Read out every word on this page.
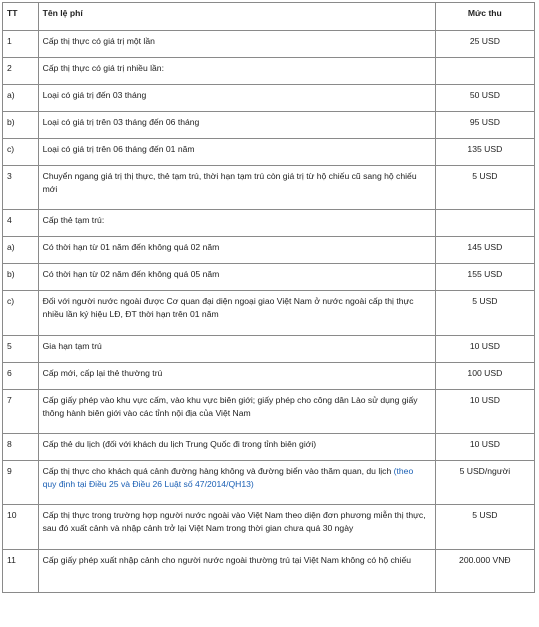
TT	Tên lệ phí	Mức thu
1	Cấp thị thực có giá trị một lần	25 USD
2	Cấp thị thực có giá trị nhiều lần:	
a)	Loại có giá trị đến 03 tháng	50 USD
b)	Loại có giá trị trên 03 tháng đến 06 tháng	95 USD
c)	Loại có giá trị trên 06 tháng đến 01 năm	135 USD
3	Chuyển ngang giá trị thị thực, thẻ tạm trú, thời hạn tạm trú còn giá trị từ hộ chiếu cũ sang hộ chiếu mới	5 USD
4	Cấp thẻ tạm trú:	
a)	Có thời hạn từ 01 năm đến không quá 02 năm	145 USD
b)	Có thời hạn từ 02 năm đến không quá 05 năm	155 USD
c)	Đối với người nước ngoài được Cơ quan đại diện ngoại giao Việt Nam ở nước ngoài cấp thị thực nhiều lần ký hiệu LĐ, ĐT thời hạn trên 01 năm	5 USD
5	Gia hạn tạm trú	10 USD
6	Cấp mới, cấp lại thẻ thường trú	100 USD
7	Cấp giấy phép vào khu vực cấm, vào khu vực biên giới; giấy phép cho công dân Lào sử dụng giấy thông hành biên giới vào các tỉnh nội địa của Việt Nam	10 USD
8	Cấp thẻ du lịch (đối với khách du lịch Trung Quốc đi trong tỉnh biên giới)	10 USD
9	Cấp thị thực cho khách quá cảnh đường hàng không và đường biển vào thăm quan, du lịch (theo quy định tại Điều 25 và Điều 26 Luật số 47/2014/QH13)	5 USD/người
10	Cấp thị thực trong trường hợp người nước ngoài vào Việt Nam theo diện đơn phương miễn thị thực, sau đó xuất cảnh và nhập cảnh trở lại Việt Nam trong thời gian chưa quá 30 ngày	5 USD
11	Cấp giấy phép xuất nhập cảnh cho người nước ngoài thường trú tại Việt Nam không có hộ chiếu	200.000 VNĐ
